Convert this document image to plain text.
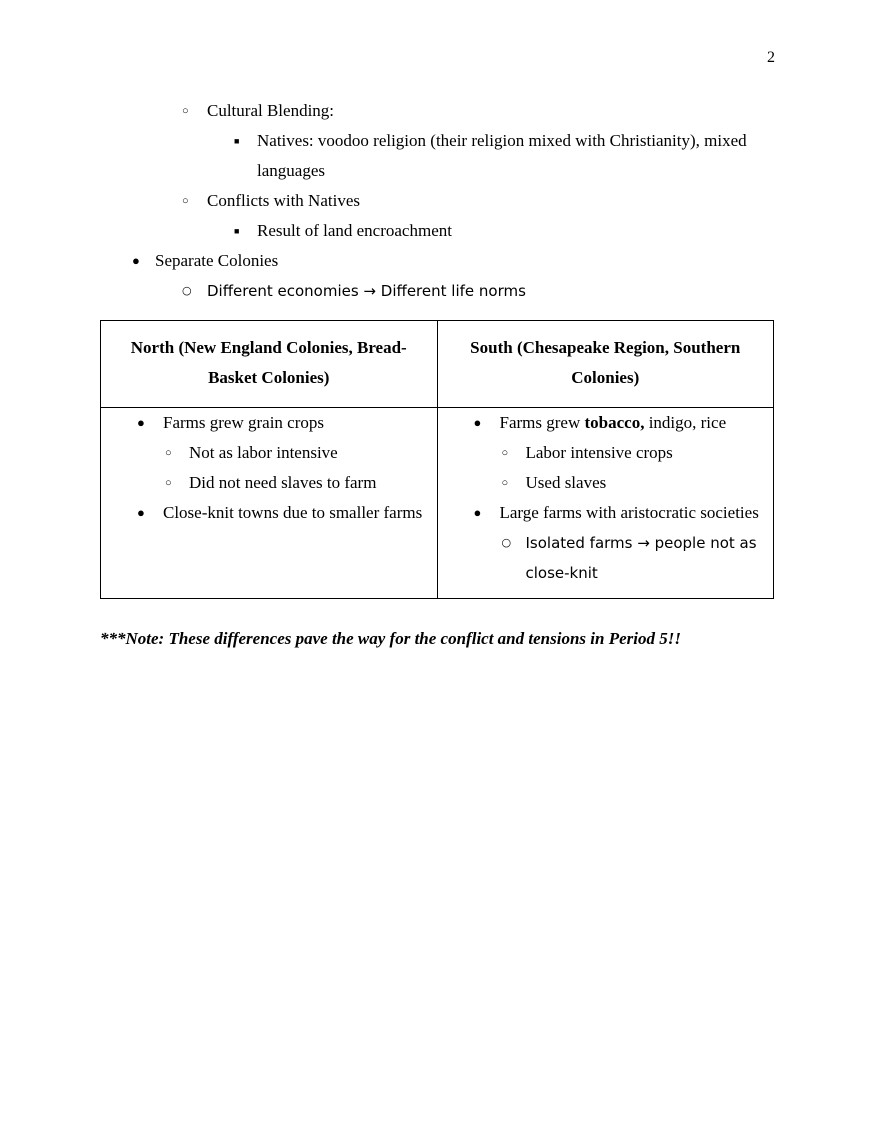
2
○ Cultural Blending:
■ Natives: voodoo religion (their religion mixed with Christianity), mixed languages
○ Conflicts with Natives
■ Result of land encroachment
● Separate Colonies
○ Different economies → Different life norms
North (New England Colonies, Bread-Basket Colonies)	South (Chesapeake Region, Southern Colonies)

● Farms grew grain crops
○ Not as labor intensive
○ Did not need slaves to farm
● Close-knit towns due to smaller farms

● Farms grew tobacco, indigo, rice
○ Labor intensive crops
○ Used slaves
● Large farms with aristocratic societies
○ Isolated farms → people not as close-knit
***Note: These differences pave the way for the conflict and tensions in Period 5!!
